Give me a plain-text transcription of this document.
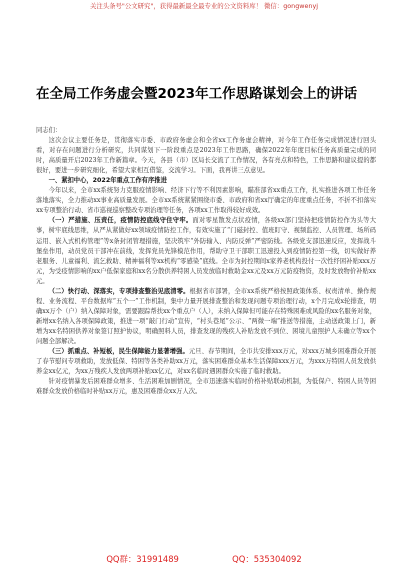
关注头条号"公文研究"，获得最新最全最专业的公文资料库！ 微信：gongwenyj
在全局工作务虚会暨2023年工作思路谋划会上的讲话

同志们：

这次会议主要任务是，贯彻落实市委、市政府务虚会和全省xx工作务虚会精神，对今年工作任务完成情况进行回头看，对存在问题进行分析研究，共同谋划下一阶段重点是2023年工作思路，确保2022年年度目标任务高质量完成的同时，高质量开启2023年工作新篇章。今天，各县（市）区局长交流了工作情况，各有亮点和特色，工作思路和建议提的都很好，要进一步研究细化，希望大家相互借鉴，交流学习。下面，我再讲三点意见。

一、紧扣中心，2022年重点工作有序推进

今年以来，全市xx系统努力克服疫情影响、经济下行等不利因素影响，瞄准部省xx重点工作，扎实推进各项工作任务落地落实，全力推动xx事业高质量发展。全市xx系统紧紧围绕市委、市政府和省xx厅确定的年度重点任务，不折不扣落实xx专项整治行动、省市巡视巡察整改专项治理等任务，各项xx工作取得较好成效。

（一）严措施、压责任，疫情防控底线守住守牢。面对零星散发点状疫情，各级xx部门坚持把疫情防控作为头等大事，树牢底线思维，从严从紧做好xx领域疫情防控工作，有效实施了“门磁封控、值班盯守、视频监控、人员管理、场所码运用、嵌入式机构管理”等x条封闭管理措施，坚决筑牢“外防输入、内防反弹”严密防线。各级党支部迅速反应，发挥战斗堡垒作用，动员党员干部冲在前线，发挥党员先锋模范作用，帮助守卫干部职工迅速投入到疫情防控第一线，切实做好养老服务、儿童福利、流乞救助、精神福利等xx机构“零感染”底线。全市为封控期间x家养老机构投付一次性纾困补贴xxx万元，为受疫情影响的xx户低保家庭和xx名分散供养特困人员发放临时救助金xx元及xx万元防疫物资，及时发放物价补贴xx元。

（二）快行动、深落实，专项排查整治见底清零。根据省市部署，全市xx系统严格按照政策体系、权责清单、操作规程、业务流程、平台数据库“五个一”工作机制，集中力量开展排查整治和发现问题专项治理行动，x个月完成x轮排查，明确xx万个（户）纳入保障对象，需要跟踪帮扶xx个重点户（人），未纳入保障但可能存在特殊困难或风险的xx名服务对象，新增xx名纳入各项保障政策，推进一项“敲门行动”宣传，“村头巷尾”公示、“两微一端”推送等措施，主动送政策上门，新增为xx名特困供养对象签订照护协议，明确照料人员，排查发现的残疾人补贴发放不到位、困境儿童照护人未确立等xx个问题全部解决。

（三）抓重点、补短板，民生保障能力显著增强。元旦、春节期间，全市共安排xxx万元，对xxx万城乡困难群众开展了春节慰问专项救助，发放低保、特困等各类补助xx万元，落实困难群众基本生活保障xxx万元，为xxx万特困人员发放供养金xx亿元，为xx万残疾人发放两项补贴xx亿元，对xx名临时遇困群众实施了临时救助。

针对疫情暴发后困难群众增多、生活困难加剧情况，全市迅速落实临时价格补贴联动机制，为低保户、特困人员等困难群众发放价格临时补贴xx万元，惠及困难群众xx万人次。

QQ群：31991489	QQ：535304092
